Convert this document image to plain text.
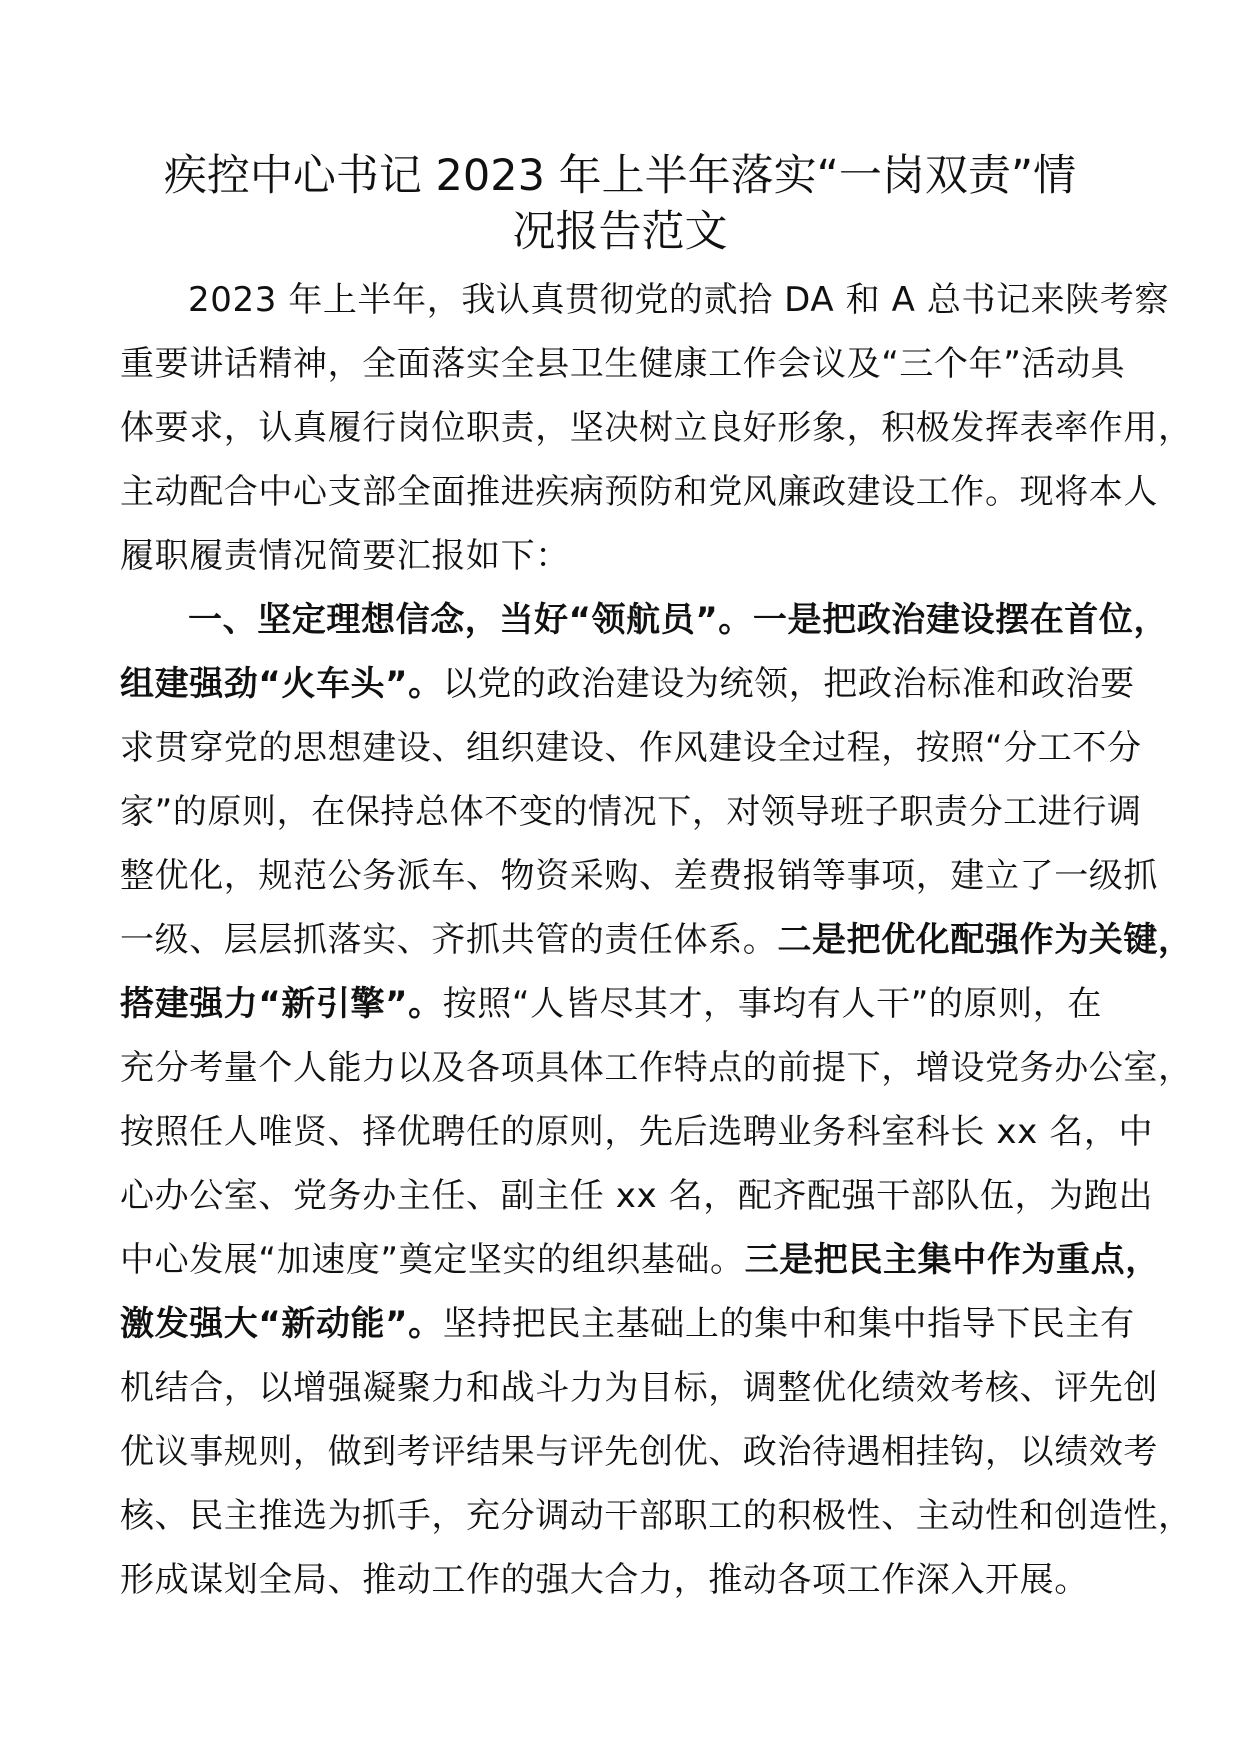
疾控中心书记 2023 年上半年落实“一岗双责”情
况报告范文

2023 年上半年，我认真贯彻党的贰拾 DA 和 A 总书记来陕考察
重要讲话精神，全面落实全县卫生健康工作会议及“三个年”活动具
体要求，认真履行岗位职责，坚决树立良好形象，积极发挥表率作用，
主动配合中心支部全面推进疾病预防和党风廉政建设工作。现将本人
履职履责情况简要汇报如下：

一、坚定理想信念，当好“领航员”。一是把政治建设摆在首位，
组建强劲“火车头”。以党的政治建设为统领，把政治标准和政治要
求贯穿党的思想建设、组织建设、作风建设全过程，按照“分工不分
家”的原则，在保持总体不变的情况下，对领导班子职责分工进行调
整优化，规范公务派车、物资采购、差费报销等事项，建立了一级抓
一级、层层抓落实、齐抓共管的责任体系。二是把优化配强作为关键，
搭建强力“新引擎”。按照“人皆尽其才，事均有人干”的原则，在
充分考量个人能力以及各项具体工作特点的前提下，增设党务办公室，
按照任人唯贤、择优聘任的原则，先后选聘业务科室科长 xx 名，中
心办公室、党务办主任、副主任 xx 名，配齐配强干部队伍，为跑出
中心发展“加速度”奠定坚实的组织基础。三是把民主集中作为重点，
激发强大“新动能”。坚持把民主基础上的集中和集中指导下民主有
机结合，以增强凝聚力和战斗力为目标，调整优化绩效考核、评先创
优议事规则，做到考评结果与评先创优、政治待遇相挂钩，以绩效考
核、民主推选为抓手，充分调动干部职工的积极性、主动性和创造性，
形成谋划全局、推动工作的强大合力，推动各项工作深入开展。
